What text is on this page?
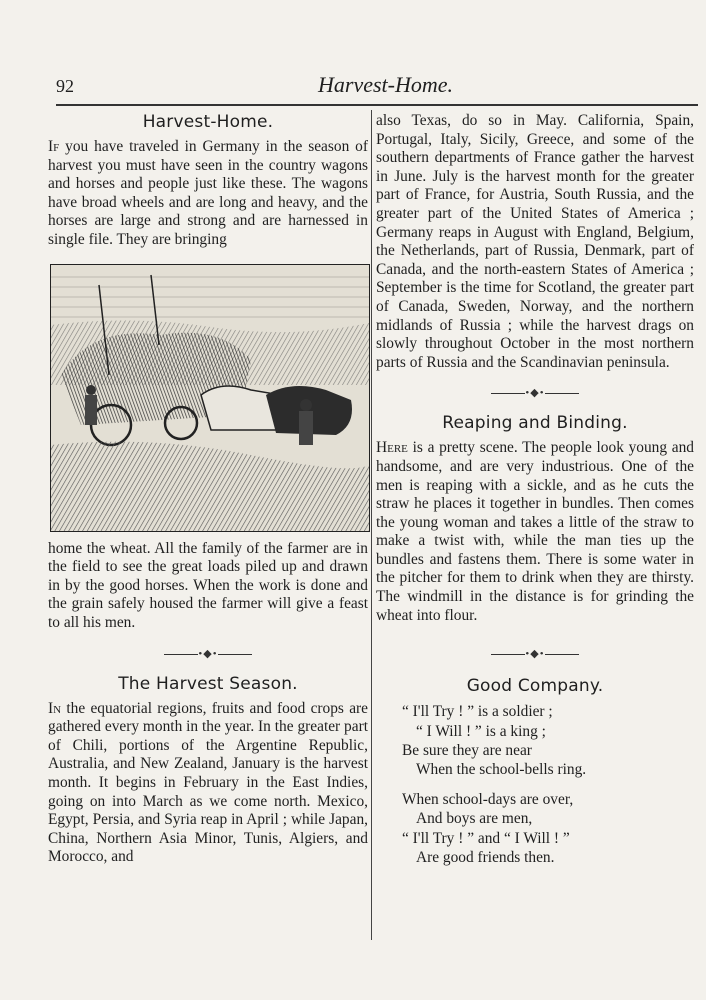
92	Harvest-Home.
Harvest-Home.

If you have traveled in Germany in the season of harvest you must have seen in the country wagons and horses and people just like these. The wagons have broad wheels and are long and heavy, and the horses are large and strong and are harnessed in single file. They are bringing

home the wheat. All the family of the farmer are in the field to see the great loads piled up and drawn in by the good horses. When the work is done and the grain safely housed the farmer will give a feast to all his men.

•◆•
The Harvest Season.

In the equatorial regions, fruits and food crops are gathered every month in the year. In the greater part of Chili, portions of the Argentine Republic, Australia, and New Zealand, January is the harvest month. It begins in February in the East Indies, going on into March as we come north. Mexico, Egypt, Persia, and Syria reap in April ; while Japan, China, Northern Asia Minor, Tunis, Algiers, and Morocco, and

also Texas, do so in May. California, Spain, Portugal, Italy, Sicily, Greece, and some of the southern departments of France gather the harvest in June. July is the harvest month for the greater part of France, for Austria, South Russia, and the greater part of the United States of America ; Germany reaps in August with England, Belgium, the Netherlands, part of Russia, Denmark, part of Canada, and the north-eastern States of America ; September is the time for Scotland, the greater part of Canada, Sweden, Norway, and the northern midlands of Russia ; while the harvest drags on slowly throughout October in the most northern parts of Russia and the Scandinavian peninsula.

•◆•
Reaping and Binding.

Here is a pretty scene. The people look young and handsome, and are very industrious. One of the men is reaping with a sickle, and as he cuts the straw he places it together in bundles. Then comes the young woman and takes a little of the straw to make a twist with, while the man ties up the bundles and fastens them. There is some water in the pitcher for them to drink when they are thirsty. The windmill in the distance is for grinding the wheat into flour.

•◆•
Good Company.
“ I'll Try ! ” is a soldier ;
“ I Will ! ” is a king ;
Be sure they are near
When the school-bells ring.
When school-days are over,
And boys are men,
“ I'll Try ! ” and “ I Will ! ”
Are good friends then.
